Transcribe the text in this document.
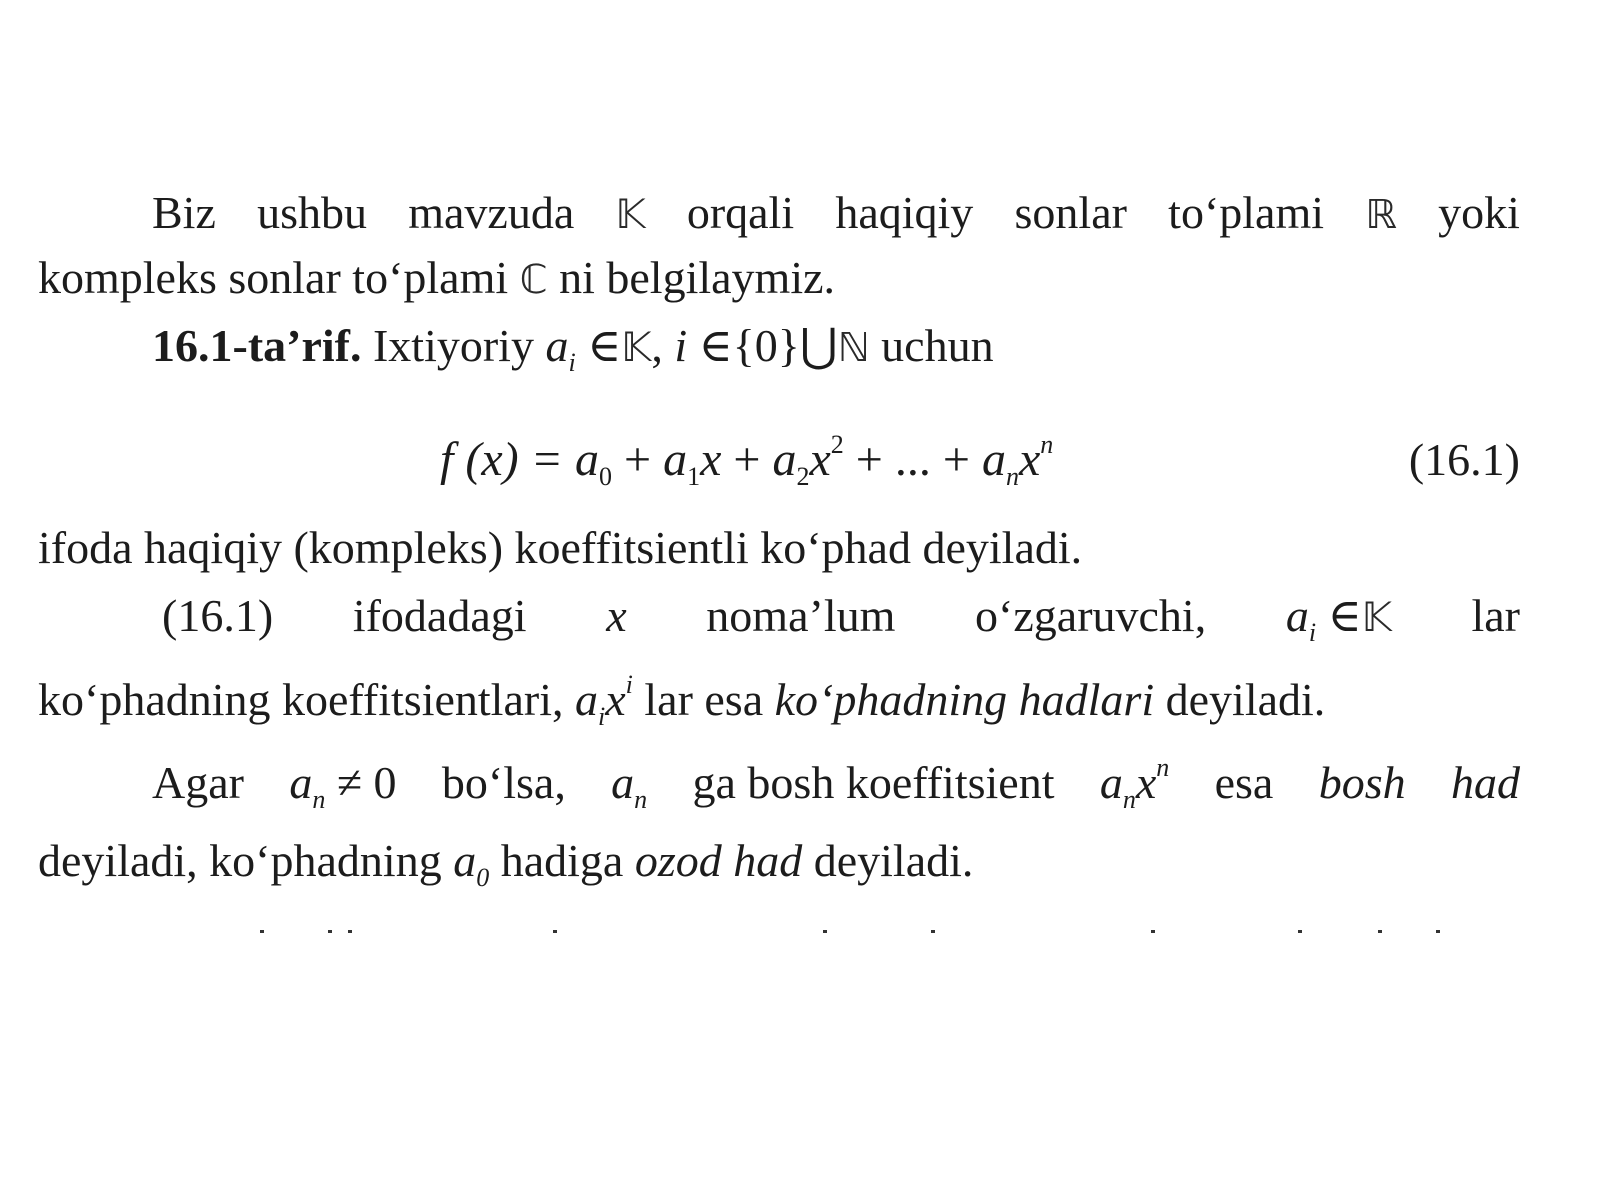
Biz ushbu mavzuda 𝕂 orqali haqiqiy sonlar to‘plami ℝ yoki
kompleks sonlar to‘plami ℂ ni belgilaymiz.
16.1-ta’rif. Ixtiyoriy $a_i$ ∈𝕂, i ∈{0}⋃ℕ uchun
f $(x) = a_0 + a_1x + a_2x^2$ + ... + $a_nx^n$	(16.1)
ifoda haqiqiy (kompleks) koeffitsientli ko‘phad deyiladi.
(16.1) ifodadagi x noma’lum o‘zgaruvchi, $a_i$ ∈𝕂 lar
ko‘phadning koeffitsientlari, $a_ix^i$ lar esa ko‘phadning hadlari deyiladi.
Agar $a_n \ne 0$ bo‘lsa, $a_n$ ga bosh koeffitsient $a_nx^n$ esa bosh had
deyiladi, ko‘phadning $a_0$ hadiga ozod had deyiladi.
